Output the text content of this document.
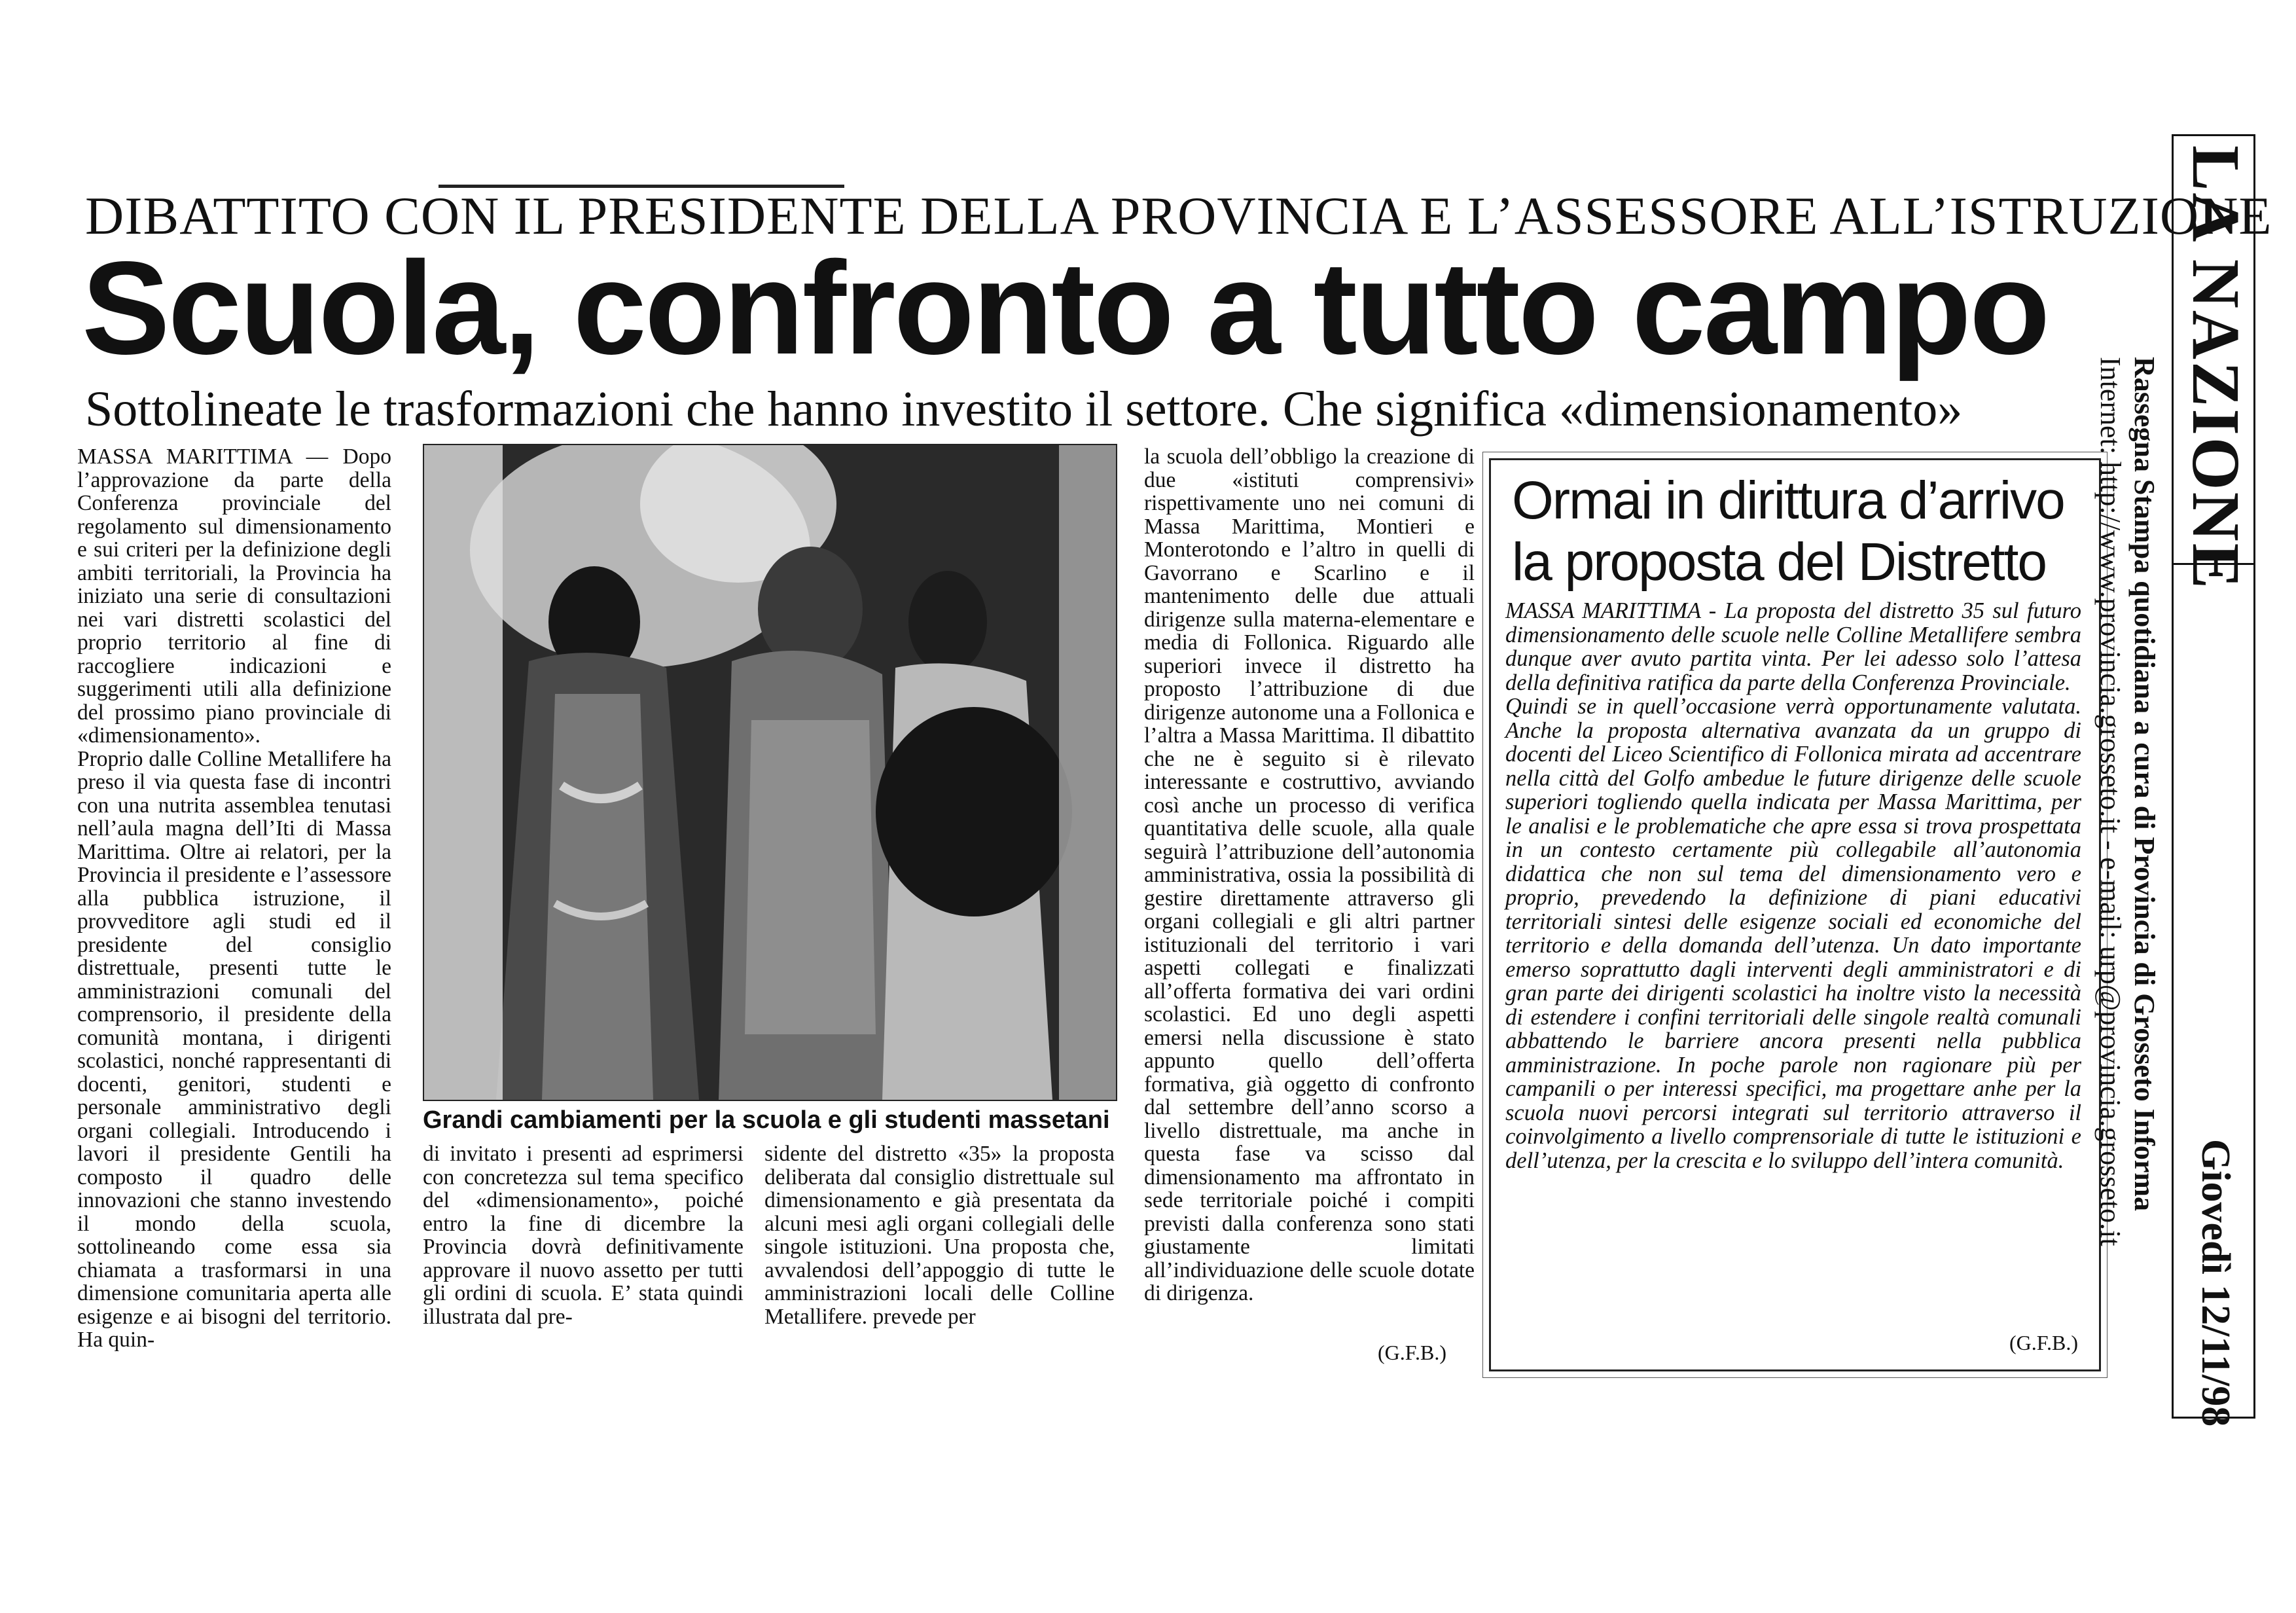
DIBATTITO CON IL PRESIDENTE DELLA PROVINCIA E L’ASSESSORE ALL’ISTRUZIONE
Scuola, confronto a tutto campo
Sottolineate le trasformazioni che hanno investito il settore. Che significa «dimensionamento»

MASSA MARITTIMA — Dopo l’approvazione da parte della Conferenza provinciale del regolamento sul dimensionamento e sui criteri per la definizione degli ambiti territoriali, la Provincia ha iniziato una serie di consultazioni nei vari distretti scolastici del proprio territorio al fine di raccogliere indicazioni e suggerimenti utili alla definizione del prossimo piano provinciale di «dimensionamento».

Proprio dalle Colline Metallifere ha preso il via questa fase di incontri con una nutrita assemblea tenutasi nell’aula magna dell’Iti di Massa Marittima. Oltre ai relatori, per la Provincia il presidente e l’assessore alla pubblica istruzione, il provveditore agli studi ed il presidente del consiglio distrettuale, presenti tutte le amministrazioni comunali del comprensorio, il presidente della comunità montana, i dirigenti scolastici, nonché rappresentanti di docenti, genitori, studenti e personale amministrativo degli organi collegiali. Introducendo i lavori il presidente Gentili ha composto il quadro delle innovazioni che stanno investendo il mondo della scuola, sottolineando come essa sia chiamata a trasformarsi in una dimensione comunitaria aperta alle esigenze e ai bisogni del territorio. Ha quin-

Grandi cambiamenti per la scuola e gli studenti massetani
di invitato i presenti ad esprimersi con concretezza sul tema specifico del «dimensionamento», poiché entro la fine di dicembre la Provincia dovrà definitivamente approvare il nuovo assetto per tutti gli ordini di scuola. E’ stata quindi illustrata dal pre-
sidente del distretto «35» la proposta deliberata dal consiglio distrettuale sul dimensionamento e già presentata da alcuni mesi agli organi collegiali delle singole istituzioni. Una proposta che, avvalendosi dell’appoggio di tutte le amministrazioni locali delle Colline Metallifere. prevede per
la scuola dell’obbligo la creazione di due «istituti comprensivi» rispettivamente uno nei comuni di Massa Marittima, Montieri e Monterotondo e l’altro in quelli di Gavorrano e Scarlino e il mantenimento delle due attuali dirigenze sulla materna-elementare e media di Follonica. Riguardo alle superiori invece il distretto ha proposto l’attribuzione di due dirigenze autonome una a Follonica e l’altra a Massa Marittima. Il dibattito che ne è seguito si è rilevato interessante e costruttivo, avviando così anche un processo di verifica quantitativa delle scuole, alla quale seguirà l’attribuzione dell’autonomia amministrativa, ossia la possibilità di gestire direttamente attraverso gli organi collegiali e gli altri partner istituzionali del territorio i vari aspetti collegati e finalizzati all’offerta formativa dei vari ordini scolastici. Ed uno degli aspetti emersi nella discussione è stato appunto quello dell’offerta formativa, già oggetto di confronto dal settembre dell’anno scorso a livello distrettuale, ma anche in questa fase va scisso dal dimensionamento ma affrontato in sede territoriale poiché i compiti previsti dalla conferenza sono stati giustamente limitati all’individuazione delle scuole dotate di dirigenza.
(G.F.B.)
Ormai in dirittura d’arrivo la proposta del Distretto

MASSA MARITTIMA - La proposta del distretto 35 sul futuro dimensionamento delle scuole nelle Colline Metallifere sembra dunque aver avuto partita vinta. Per lei adesso solo l’attesa della definitiva ratifica da parte della Conferenza Provinciale.

Quindi se in quell’occasione verrà opportunamente valutata. Anche la proposta alternativa avanzata da un gruppo di docenti del Liceo Scientifico di Follonica mirata ad accentrare nella città del Golfo ambedue le future dirigenze delle scuole superiori togliendo quella indicata per Massa Marittima, per le analisi e le problematiche che apre essa si trova prospettata in un contesto certamente più collegabile all’autonomia didattica che non sul tema del dimensionamento vero e proprio, prevedendo la definizione di piani educativi territoriali sintesi delle esigenze sociali ed economiche del territorio e della domanda dell’utenza. Un dato importante emerso soprattutto dagli interventi degli amministratori e di gran parte dei dirigenti scolastici ha inoltre visto la necessità di estendere i confini territoriali delle singole realtà comunali abbattendo le barriere ancora presenti nella pubblica amministrazione. In poche parole non ragionare più per campanili o per interessi specifici, ma progettare anhe per la scuola nuovi percorsi integrati sul territorio attraverso il coinvolgimento a livello comprensoriale di tutte le istituzioni e dell’utenza, per la crescita e lo sviluppo dell’intera comunità.

(G.F.B.)
LA NAZIONE
Giovedì 12/11/98
Rassegna Stampa quotidiana a cura di Provincia di Grosseto Informa
Internet: http://www.provincia.grosseto.it - e-mail: urp@provincia.grosseto.it
